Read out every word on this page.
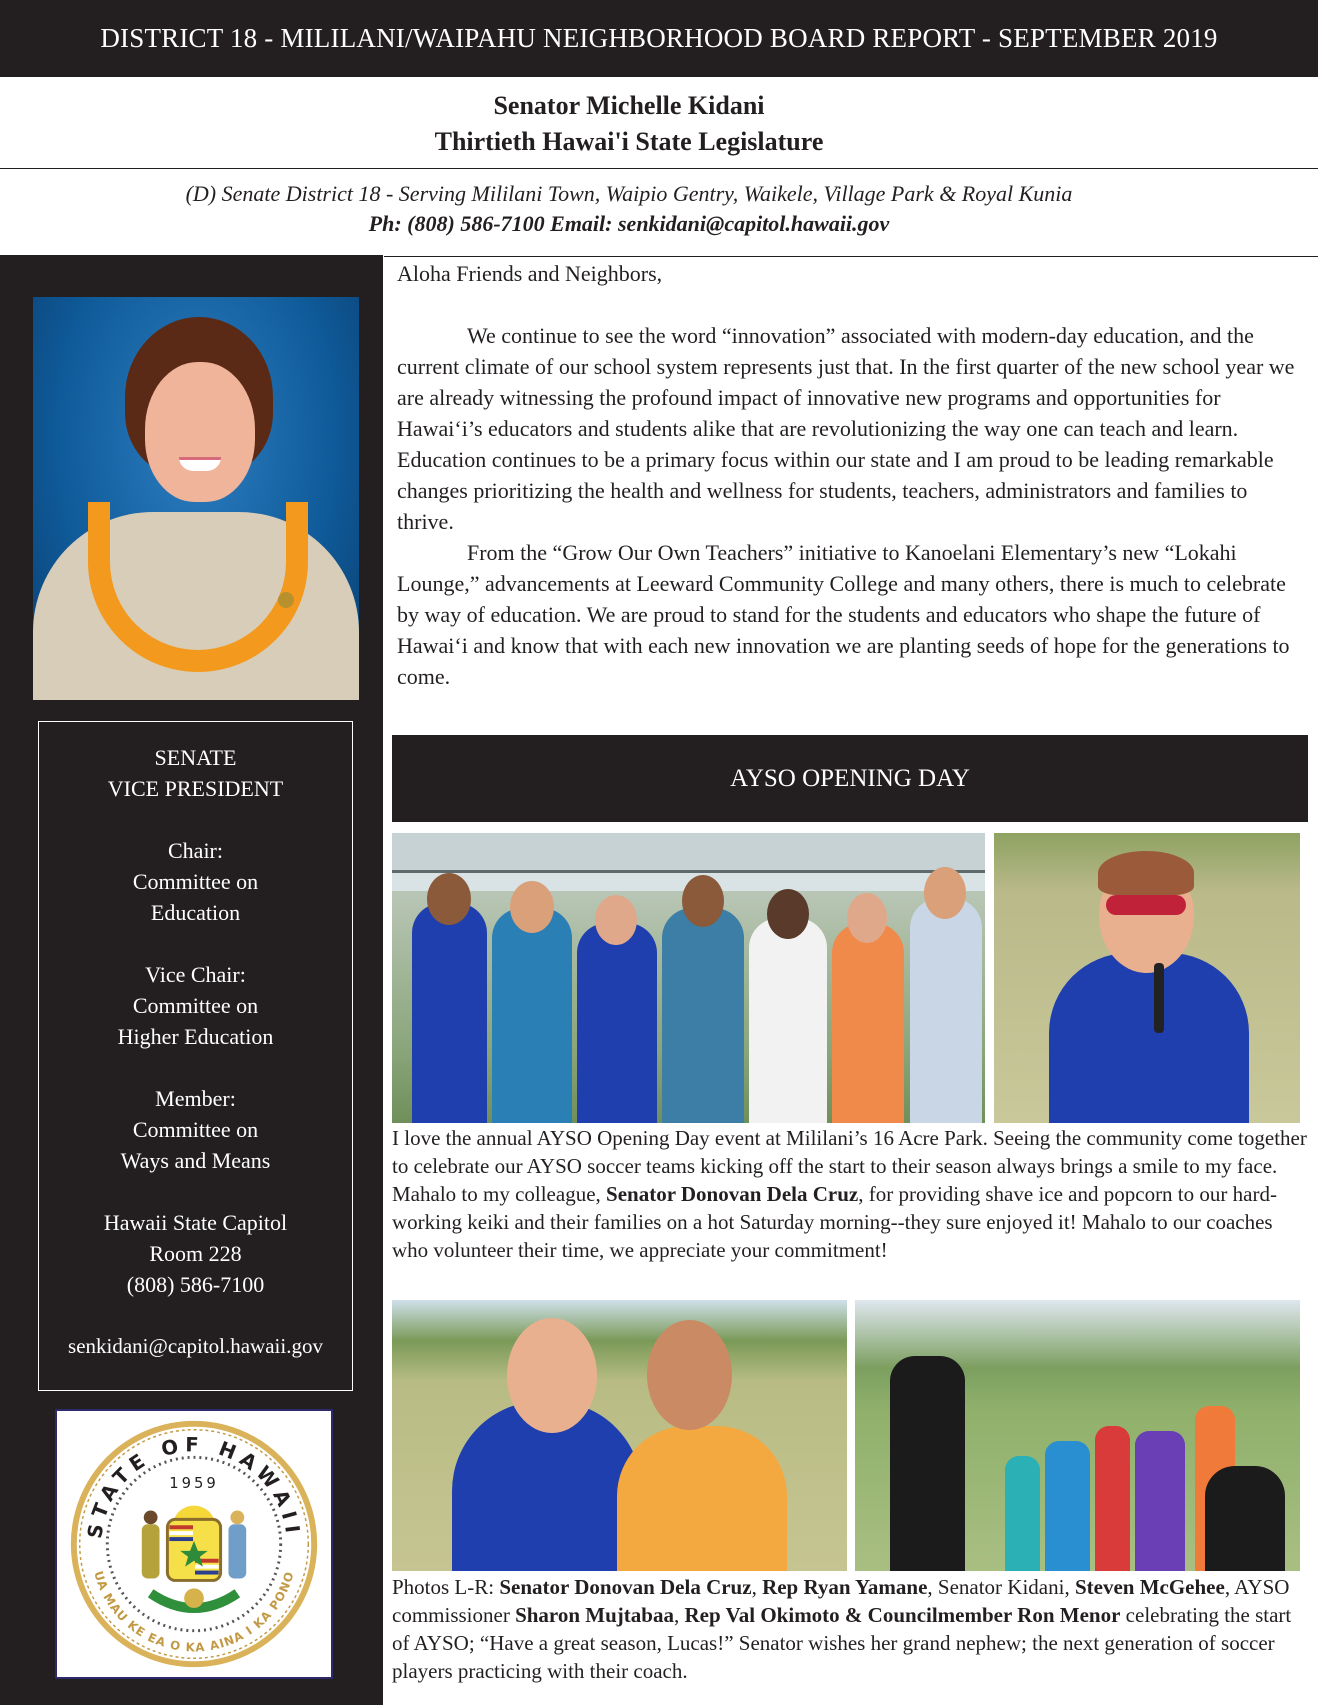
DISTRICT 18 - MILILANI/WAIPAHU NEIGHBORHOOD BOARD REPORT - SEPTEMBER 2019
Senator Michelle Kidani
Thirtieth Hawai'i State Legislature
(D) Senate District 18 - Serving Mililani Town, Waipio Gentry, Waikele, Village Park & Royal Kunia
Ph: (808) 586-7100 Email: senkidani@capitol.hawaii.gov
SENATE
VICE PRESIDENT
Chair:
Committee on
Education
Vice Chair:
Committee on
Higher Education
Member:
Committee on
Ways and Means
Hawaii State Capitol
Room 228
(808) 586-7100
senkidani@capitol.hawaii.gov
STATE OF HAWAII
UA MAU KE EA O KA AINA I KA PONO
1959

Aloha Friends and Neighbors,

We continue to see the word “innovation” associated with modern-day education, and the current climate of our school system represents just that. In the first quarter of the new school year we are already witnessing the profound impact of innovative new programs and opportunities for Hawai‘i’s educators and students alike that are revolutionizing the way one can teach and learn. Education continues to be a primary focus within our state and I am proud to be leading remarkable changes prioritizing the health and wellness for students, teachers, administrators and families to thrive.

From the “Grow Our Own Teachers” initiative to Kanoelani Elementary’s new “Lokahi Lounge,” advancements at Leeward Community College and many others, there is much to celebrate by way of education. We are proud to stand for the students and educators who shape the future of Hawai‘i and know that with each new innovation we are planting seeds of hope for the generations to come.

AYSO OPENING DAY
I love the annual AYSO Opening Day event at Mililani’s 16 Acre Park. Seeing the community come together to celebrate our AYSO soccer teams kicking off the start to their season always brings a smile to my face. Mahalo to my colleague, Senator Donovan Dela Cruz, for providing shave ice and popcorn to our hard-working keiki and their families on a hot Saturday morning--they sure enjoyed it! Mahalo to our coaches who volunteer their time, we appreciate your commitment!
Photos L-R: Senator Donovan Dela Cruz, Rep Ryan Yamane, Senator Kidani, Steven McGehee, AYSO commissioner Sharon Mujtabaa, Rep Val Okimoto & Councilmember Ron Menor celebrating the start of AYSO; “Have a great season, Lucas!” Senator wishes her grand nephew; the next generation of soccer players practicing with their coach.
